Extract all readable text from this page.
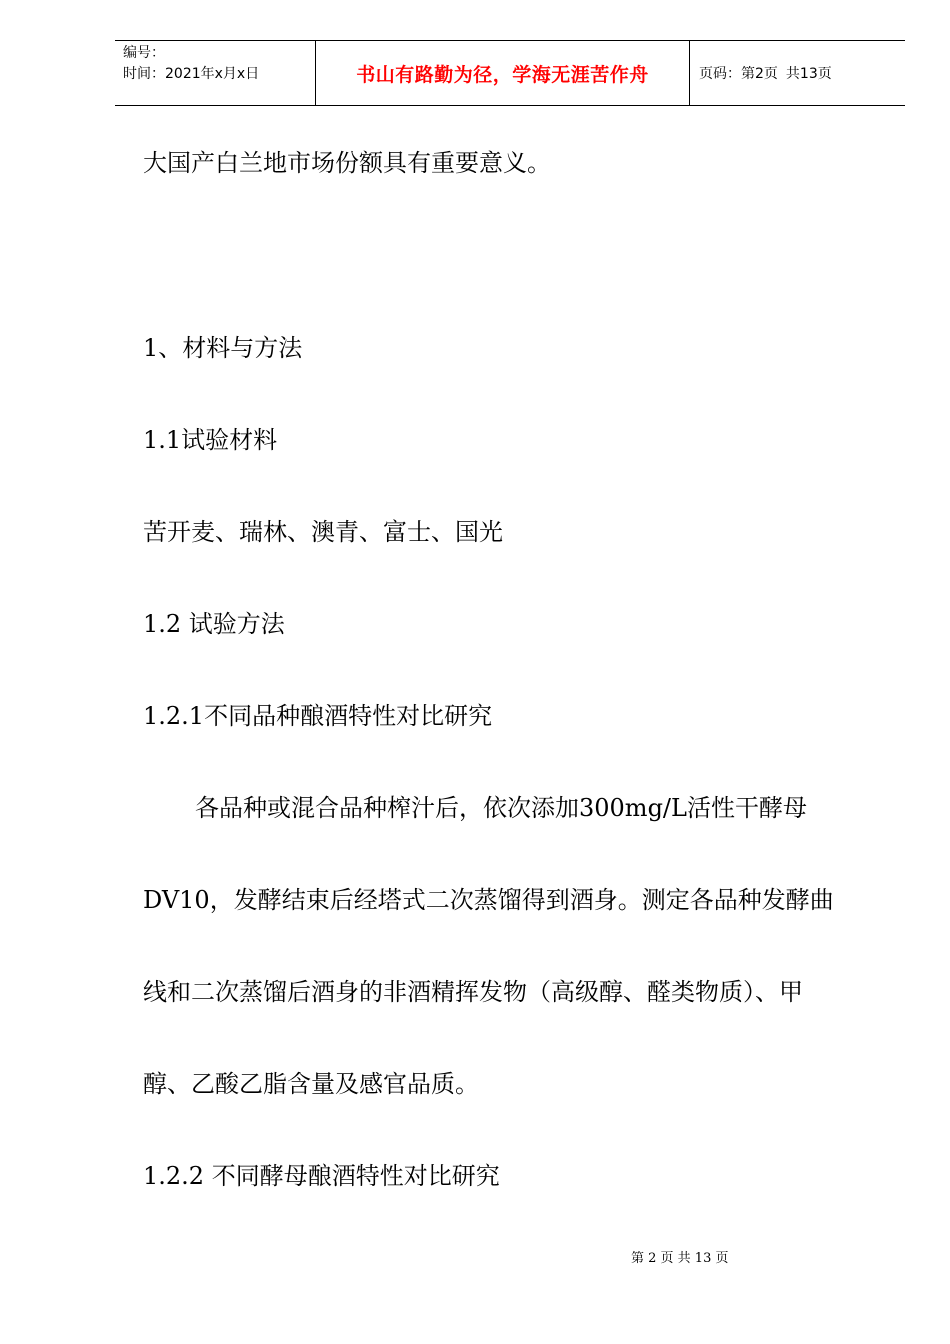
编号：
时间：2021年x月x日	书山有路勤为径，学海无涯苦作舟	页码：第2页 共13页
大国产白兰地市场份额具有重要意义。
1、材料与方法
1.1试验材料
苦开麦、瑞林、澳青、富士、国光
1.2 试验方法
1.2.1不同品种酿酒特性对比研究
各品种或混合品种榨汁后，依次添加300mg/L活性干酵母
DV10，发酵结束后经塔式二次蒸馏得到酒身。测定各品种发酵曲
线和二次蒸馏后酒身的非酒精挥发物（高级醇、醛类物质）、甲
醇、乙酸乙脂含量及感官品质。
1.2.2 不同酵母酿酒特性对比研究
第 2 页 共 13 页
